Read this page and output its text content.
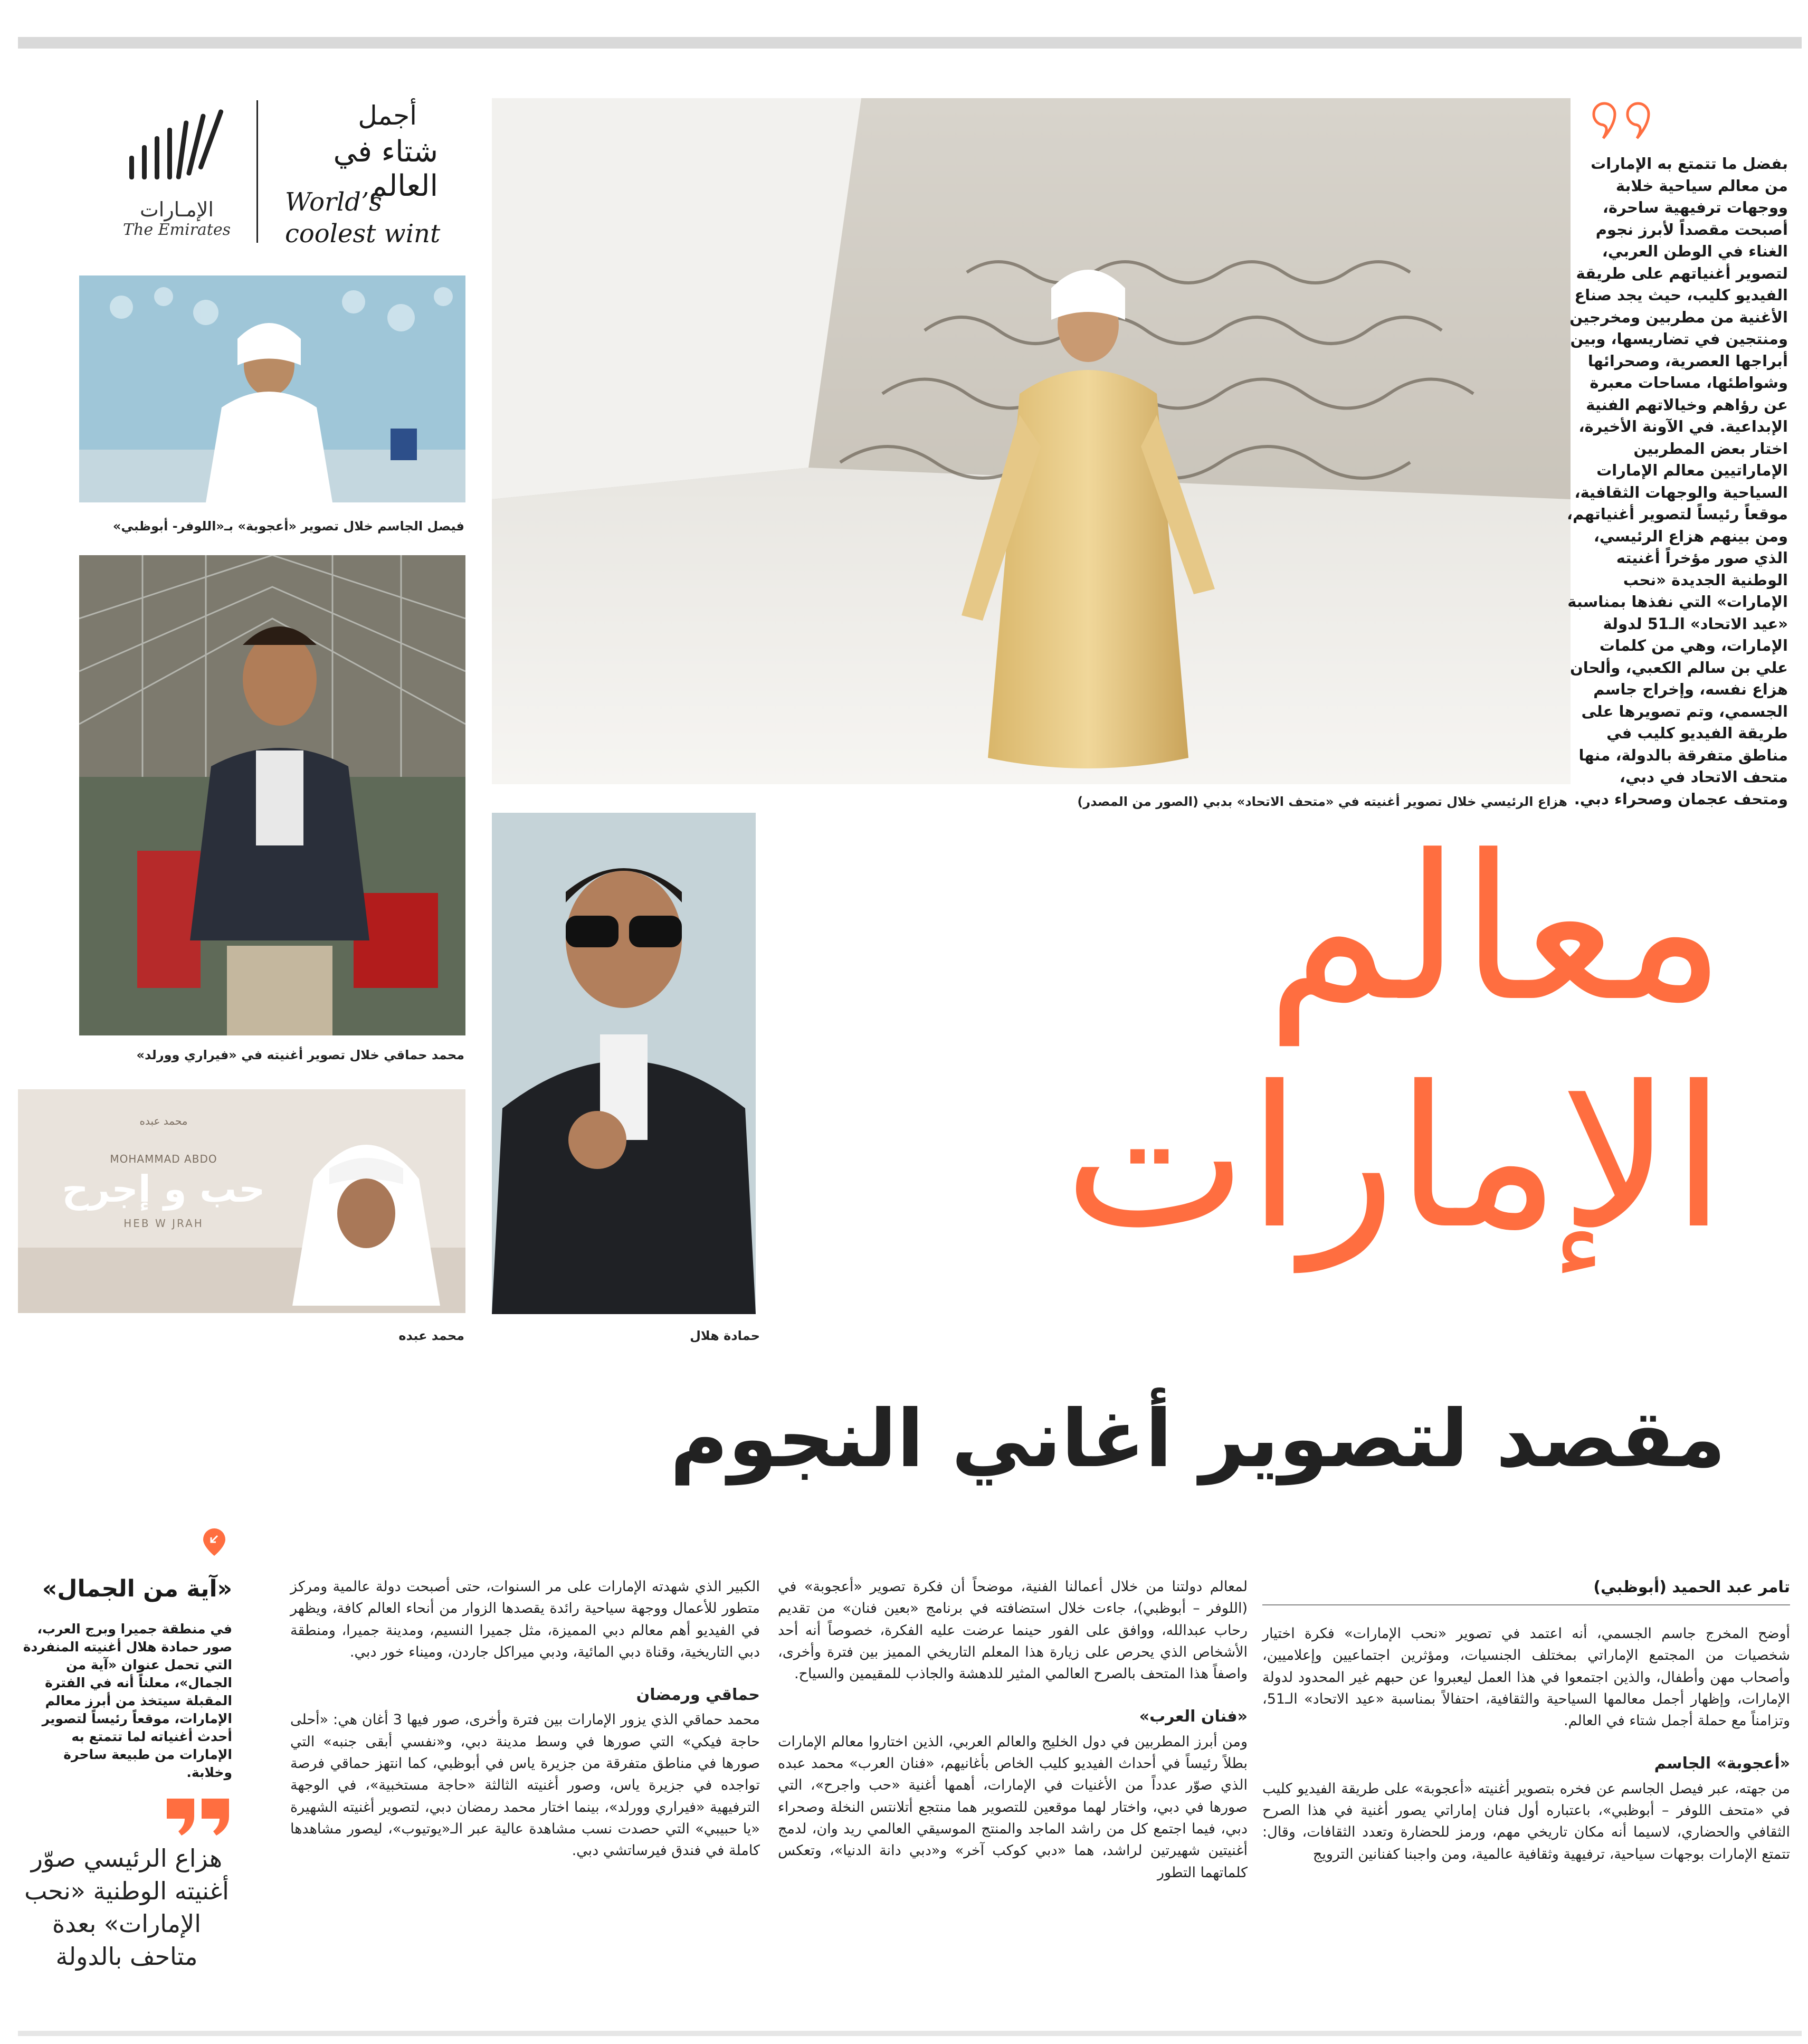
الإمـارات
The Emirates
أجمل
شتاء في العالم
World’s
coolest wint
هزاع الرئيسي خلال تصوير أغنيته في «متحف الاتحاد» بدبي (الصور من المصدر)
فيصل الجاسم خلال تصوير «أعجوبة» بـ«اللوفر- أبوظبي»
محمد حماقي خلال تصوير أغنيته في «فيراري وورلد»
محمد عبده
MOHAMMAD ABDO
حب و إجرح
HEB W JRAH
محمد عبده	حمادة هلال
بفضل ما تتمتع به الإمارات من معالم سياحية خلابة ووجهات ترفيهية ساحرة، أصبحت مقصداً لأبرز نجوم الغناء في الوطن العربي، لتصوير أغنياتهم على طريقة الفيديو كليب، حيث يجد صناع الأغنية من مطربين ومخرجين ومنتجين في تضاريسها، وبين أبراجها العصرية، وصحرائها وشواطئها، مساحات معبرة عن رؤاهم وخيالاتهم الفنية الإبداعية. في الآونة الأخيرة، اختار بعض المطربين الإماراتيين معالم الإمارات السياحية والوجهات الثقافية، موقعاً رئيساً لتصوير أغنياتهم، ومن بينهم هزاع الرئيسي، الذي صور مؤخراً أغنيته الوطنية الجديدة «نحب الإمارات» التي نفذها بمناسبة «عيد الاتحاد» الـ51 لدولة الإمارات، وهي من كلمات علي بن سالم الكعبي، وألحان هزاع نفسه، وإخراج جاسم الجسمي، وتم تصويرها على طريقة الفيديو كليب في مناطق متفرقة بالدولة، منها متحف الاتحاد في دبي، ومتحف عجمان وصحراء دبي.
معالم
الإمارات
مقصد لتصوير أغاني النجوم
تامر عبد الحميد (أبوظبي)

أوضح المخرج جاسم الجسمي، أنه اعتمد في تصوير «نحب الإمارات» فكرة اختيار شخصيات من المجتمع الإماراتي بمختلف الجنسيات، ومؤثرين اجتماعيين وإعلاميين، وأصحاب مهن وأطفال، والذين اجتمعوا في هذا العمل ليعبروا عن حبهم غير المحدود لدولة الإمارات، وإظهار أجمل معالمها السياحية والثقافية، احتفالاً بمناسبة «عيد الاتحاد» الـ51، وتزامناً مع حملة أجمل شتاء في العالم.

«أعجوبة» الجاسم

من جهته، عبر فيصل الجاسم عن فخره بتصوير أغنيته «أعجوبة» على طريقة الفيديو كليب في «متحف اللوفر – أبوظبي»، باعتباره أول فنان إماراتي يصور أغنية في هذا الصرح الثقافي والحضاري، لاسيما أنه مكان تاريخي مهم، ورمز للحضارة وتعدد الثقافات، وقال: تتمتع الإمارات بوجهات سياحية، ترفيهية وثقافية عالمية، ومن واجبنا كفنانين الترويج

لمعالم دولتنا من خلال أعمالنا الفنية، موضحاً أن فكرة تصوير «أعجوبة» في (اللوفر – أبوظبي)، جاءت خلال استضافته في برنامج «بعين فنان» من تقديم رحاب عبدالله، ووافق على الفور حينما عرضت عليه الفكرة، خصوصاً أنه أحد الأشخاص الذي يحرص على زيارة هذا المعلم التاريخي المميز بين فترة وأخرى، واصفاً هذا المتحف بالصرح العالمي المثير للدهشة والجاذب للمقيمين والسياح.

«فنان العرب»

ومن أبرز المطربين في دول الخليج والعالم العربي، الذين اختاروا معالم الإمارات بطلاً رئيساً في أحداث الفيديو كليب الخاص بأغانيهم، «فنان العرب» محمد عبده الذي صوّر عدداً من الأغنيات في الإمارات، أهمها أغنية «حب واجرح»، التي صورها في دبي، واختار لهما موقعين للتصوير هما منتجع أتلانتس النخلة وصحراء دبي، فيما اجتمع كل من راشد الماجد والمنتج الموسيقي العالمي ريد وان، لدمج أغنيتين شهيرتين لراشد، هما «دبي كوكب آخر» و«دبي دانة الدنيا»، وتعكس كلماتهما التطور

الكبير الذي شهدته الإمارات على مر السنوات، حتى أصبحت دولة عالمية ومركز متطور للأعمال ووجهة سياحية رائدة يقصدها الزوار من أنحاء العالم كافة، ويظهر في الفيديو أهم معالم دبي المميزة، مثل جميرا النسيم، ومدينة جميرا، ومنطقة دبي التاريخية، وقناة دبي المائية، ودبي ميراكل جاردن، وميناء خور دبي.

حماقي ورمضان

محمد حماقي الذي يزور الإمارات بين فترة وأخرى، صور فيها 3 أغان هي: «أحلى حاجة فيكي» التي صورها في وسط مدينة دبي، و«نفسي أبقى جنبه» التي صورها في مناطق متفرقة من جزيرة ياس في أبوظبي، كما انتهز حماقي فرصة تواجده في جزيرة ياس، وصور أغنيته الثالثة «حاجة مستخبية»، في الوجهة الترفيهية «فيراري وورلد»، بينما اختار محمد رمضان دبي، لتصوير أغنيته الشهيرة «يا حبيبي» التي حصدت نسب مشاهدة عالية عبر الـ«يوتيوب»، ليصور مشاهدها كاملة في فندق فيرساتشي دبي.

«آية من الجمال»
في منطقة جميرا وبرج العرب، صور حمادة هلال أغنيته المنفردة التي تحمل عنوان «آية من الجمال»، معلناً أنه في الفترة المقبلة سيتخذ من أبرز معالم الإمارات، موقعاً رئيساً لتصوير أحدث أغنياته لما تتمتع به الإمارات من طبيعة ساحرة وخلابة.
هزاع الرئيسي صوّر أغنيته الوطنية «نحب الإمارات» بعدة متاحف بالدولة
